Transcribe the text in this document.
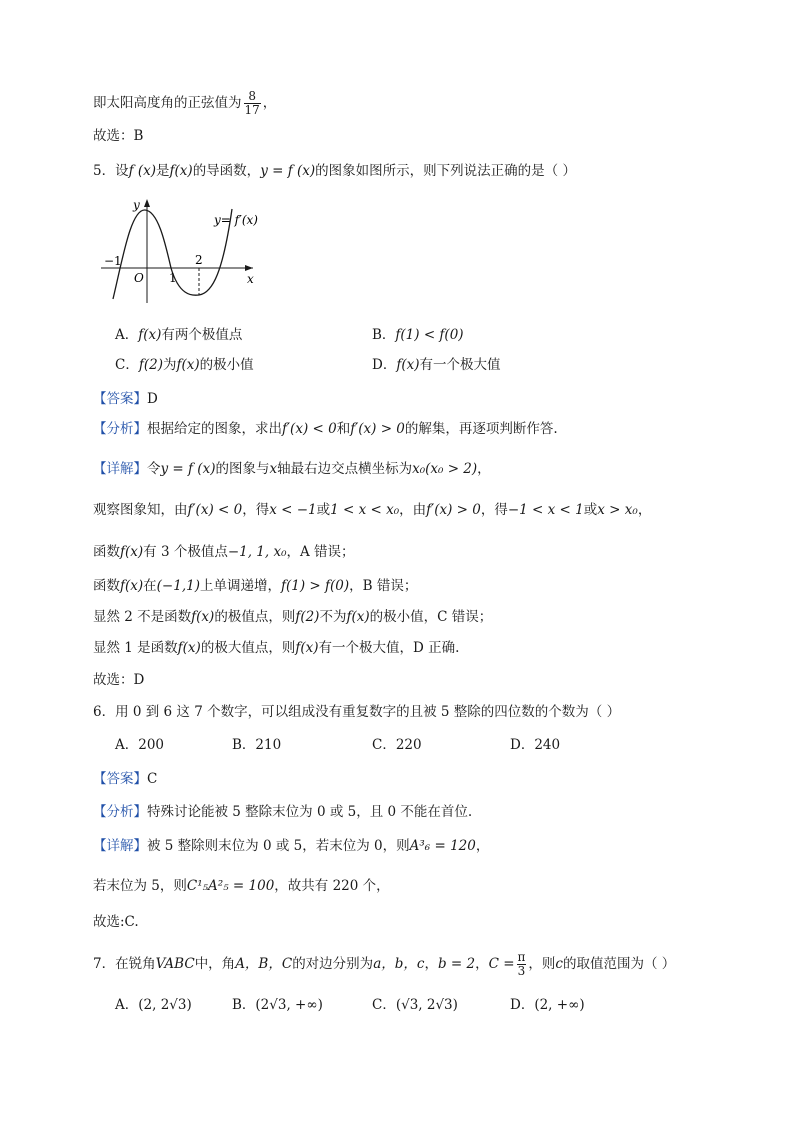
即太阳高度角的正弦值为 $\frac{8}{17}$ ，
故选：B
5．设f (x)是f(x)的导函数，y = f (x)的图象如图所示，则下列说法正确的是（ ）
y
x
O
−1
1
2
y= f′(x)
A．f(x)有两个极值点	B．f(1) < f(0)
C．f(2)为f(x)的极小值	D．f(x)有一个极大值
【答案】D
【分析】根据给定的图象，求出f′(x) < 0和f′(x) > 0的解集，再逐项判断作答.
【详解】令y = f (x)的图象与x轴最右边交点横坐标为x₀(x₀ > 2)，
观察图象知，由f′(x) < 0，得x < −1或1 < x < x₀，由f′(x) > 0，得−1 < x < 1或x > x₀，
函数f(x)有 3 个极值点−1, 1, x₀，A 错误；
函数f(x)在(−1,1)上单调递增，f(1) > f(0)，B 错误；
显然 2 不是函数f(x)的极值点，则f(2)不为f(x)的极小值，C 错误；
显然 1 是函数f(x)的极大值点，则f(x)有一个极大值，D 正确.
故选：D
6．用 0 到 6 这 7 个数字，可以组成没有重复数字的且被 5 整除的四位数的个数为（ ）
A．200	B．210	C．220	D．240
【答案】C
【分析】特殊讨论能被 5 整除末位为 0 或 5，且 0 不能在首位.
【详解】被 5 整除则末位为 0 或 5，若末位为 0，则A³₆ = 120，
若末位为 5，则C¹₅A²₅ = 100，故共有 220 个，
故选:C.
7．在锐角VABC中，角A，B，C的对边分别为a，b，c，b = 2，$C = \frac{\pi}{3}$ ，则c的取值范围为（ ）
A．(2, 2√3)	B．(2√3, +∞)	C．(√3, 2√3)	D．(2, +∞)
